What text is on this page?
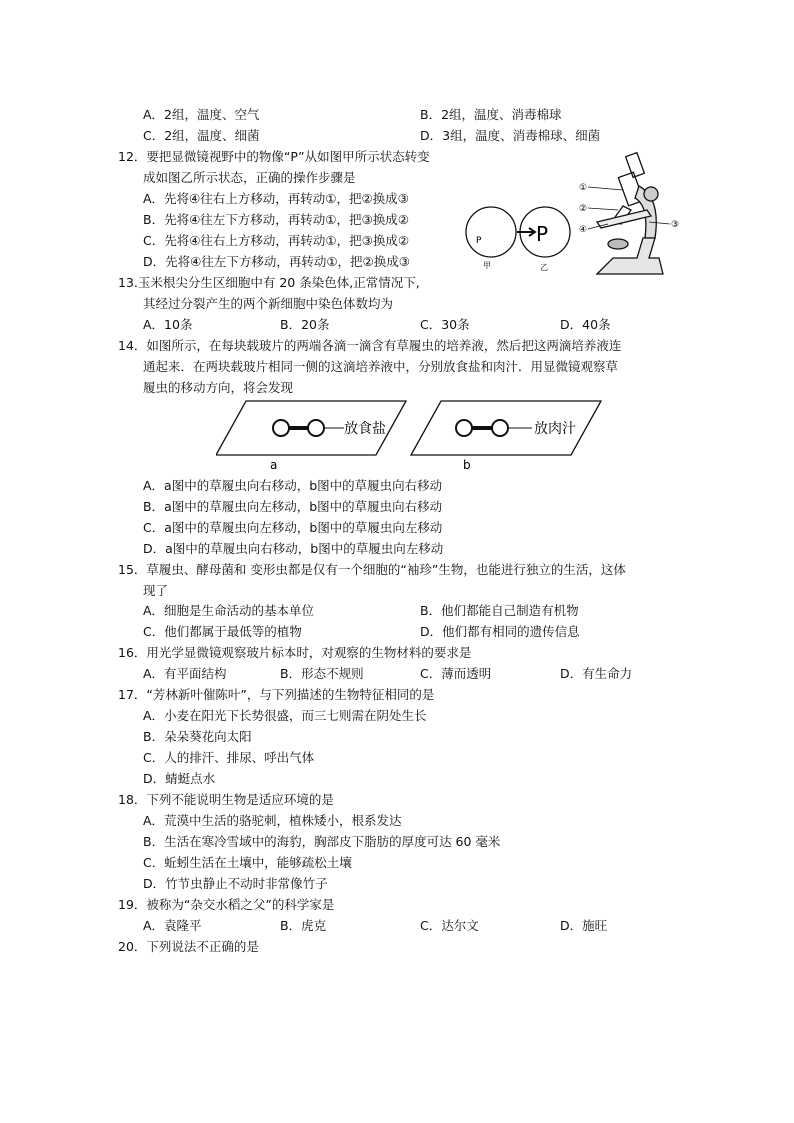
A．2组，温度、空气	B．2组，温度、消毒棉球
C．2组，温度、细菌	D．3组，温度、消毒棉球、细菌
12．要把显微镜视野中的物像“P”从如图甲所示状态转变
成如图乙所示状态，正确的操作步骤是
A．先将④往右上方移动，再转动①，把②换成③
B．先将④往左下方移动，再转动①，把③换成②
C．先将④往右上方移动，再转动①，把③换成②
D．先将④往左下方移动，再转动①，把②换成③
P
甲
P
乙
①
②
④	③
13.玉米根尖分生区细胞中有 20 条染色体,正常情况下,
其经过分裂产生的两个新细胞中染色体数均为
A．10条	B．20条	C．30条	D．40条
14．如图所示，在每块载玻片的两端各滴一滴含有草履虫的培养液，然后把这两滴培养液连
通起来．在两块载玻片相同一侧的这滴培养液中，分别放食盐和肉汁．用显微镜观察草
履虫的移动方向，将会发现
放食盐
a
放肉汁
b
A．a图中的草履虫向右移动，b图中的草履虫向右移动
B．a图中的草履虫向左移动，b图中的草履虫向右移动
C．a图中的草履虫向左移动，b图中的草履虫向左移动
D．a图中的草履虫向右移动，b图中的草履虫向左移动
15．草履虫、酵母菌和 变形虫都是仅有一个细胞的“袖珍”生物，也能进行独立的生活，这体
现了
A．细胞是生命活动的基本单位	B．他们都能自己制造有机物
C．他们都属于最低等的植物	D．他们都有相同的遗传信息
16．用光学显微镜观察玻片标本时，对观察的生物材料的要求是
A．有平面结构	B．形态不规则	C．薄而透明	D．有生命力
17．“芳林新叶催陈叶”，与下列描述的生物特征相同的是
A．小麦在阳光下长势很盛，而三七则需在阴处生长
B．朵朵葵花向太阳
C．人的排汗、排尿、呼出气体
D．蜻蜓点水
18．下列不能说明生物是适应环境的是
A．荒漠中生活的骆驼刺，植株矮小，根系发达
B．生活在寒冷雪域中的海豹，胸部皮下脂肪的厚度可达 60 毫米
C．蚯蚓生活在土壤中，能够疏松土壤
D．竹节虫静止不动时非常像竹子
19．被称为“杂交水稻之父”的科学家是
A．袁隆平	B．虎克	C．达尔文	D．施旺
20．下列说法不正确的是
